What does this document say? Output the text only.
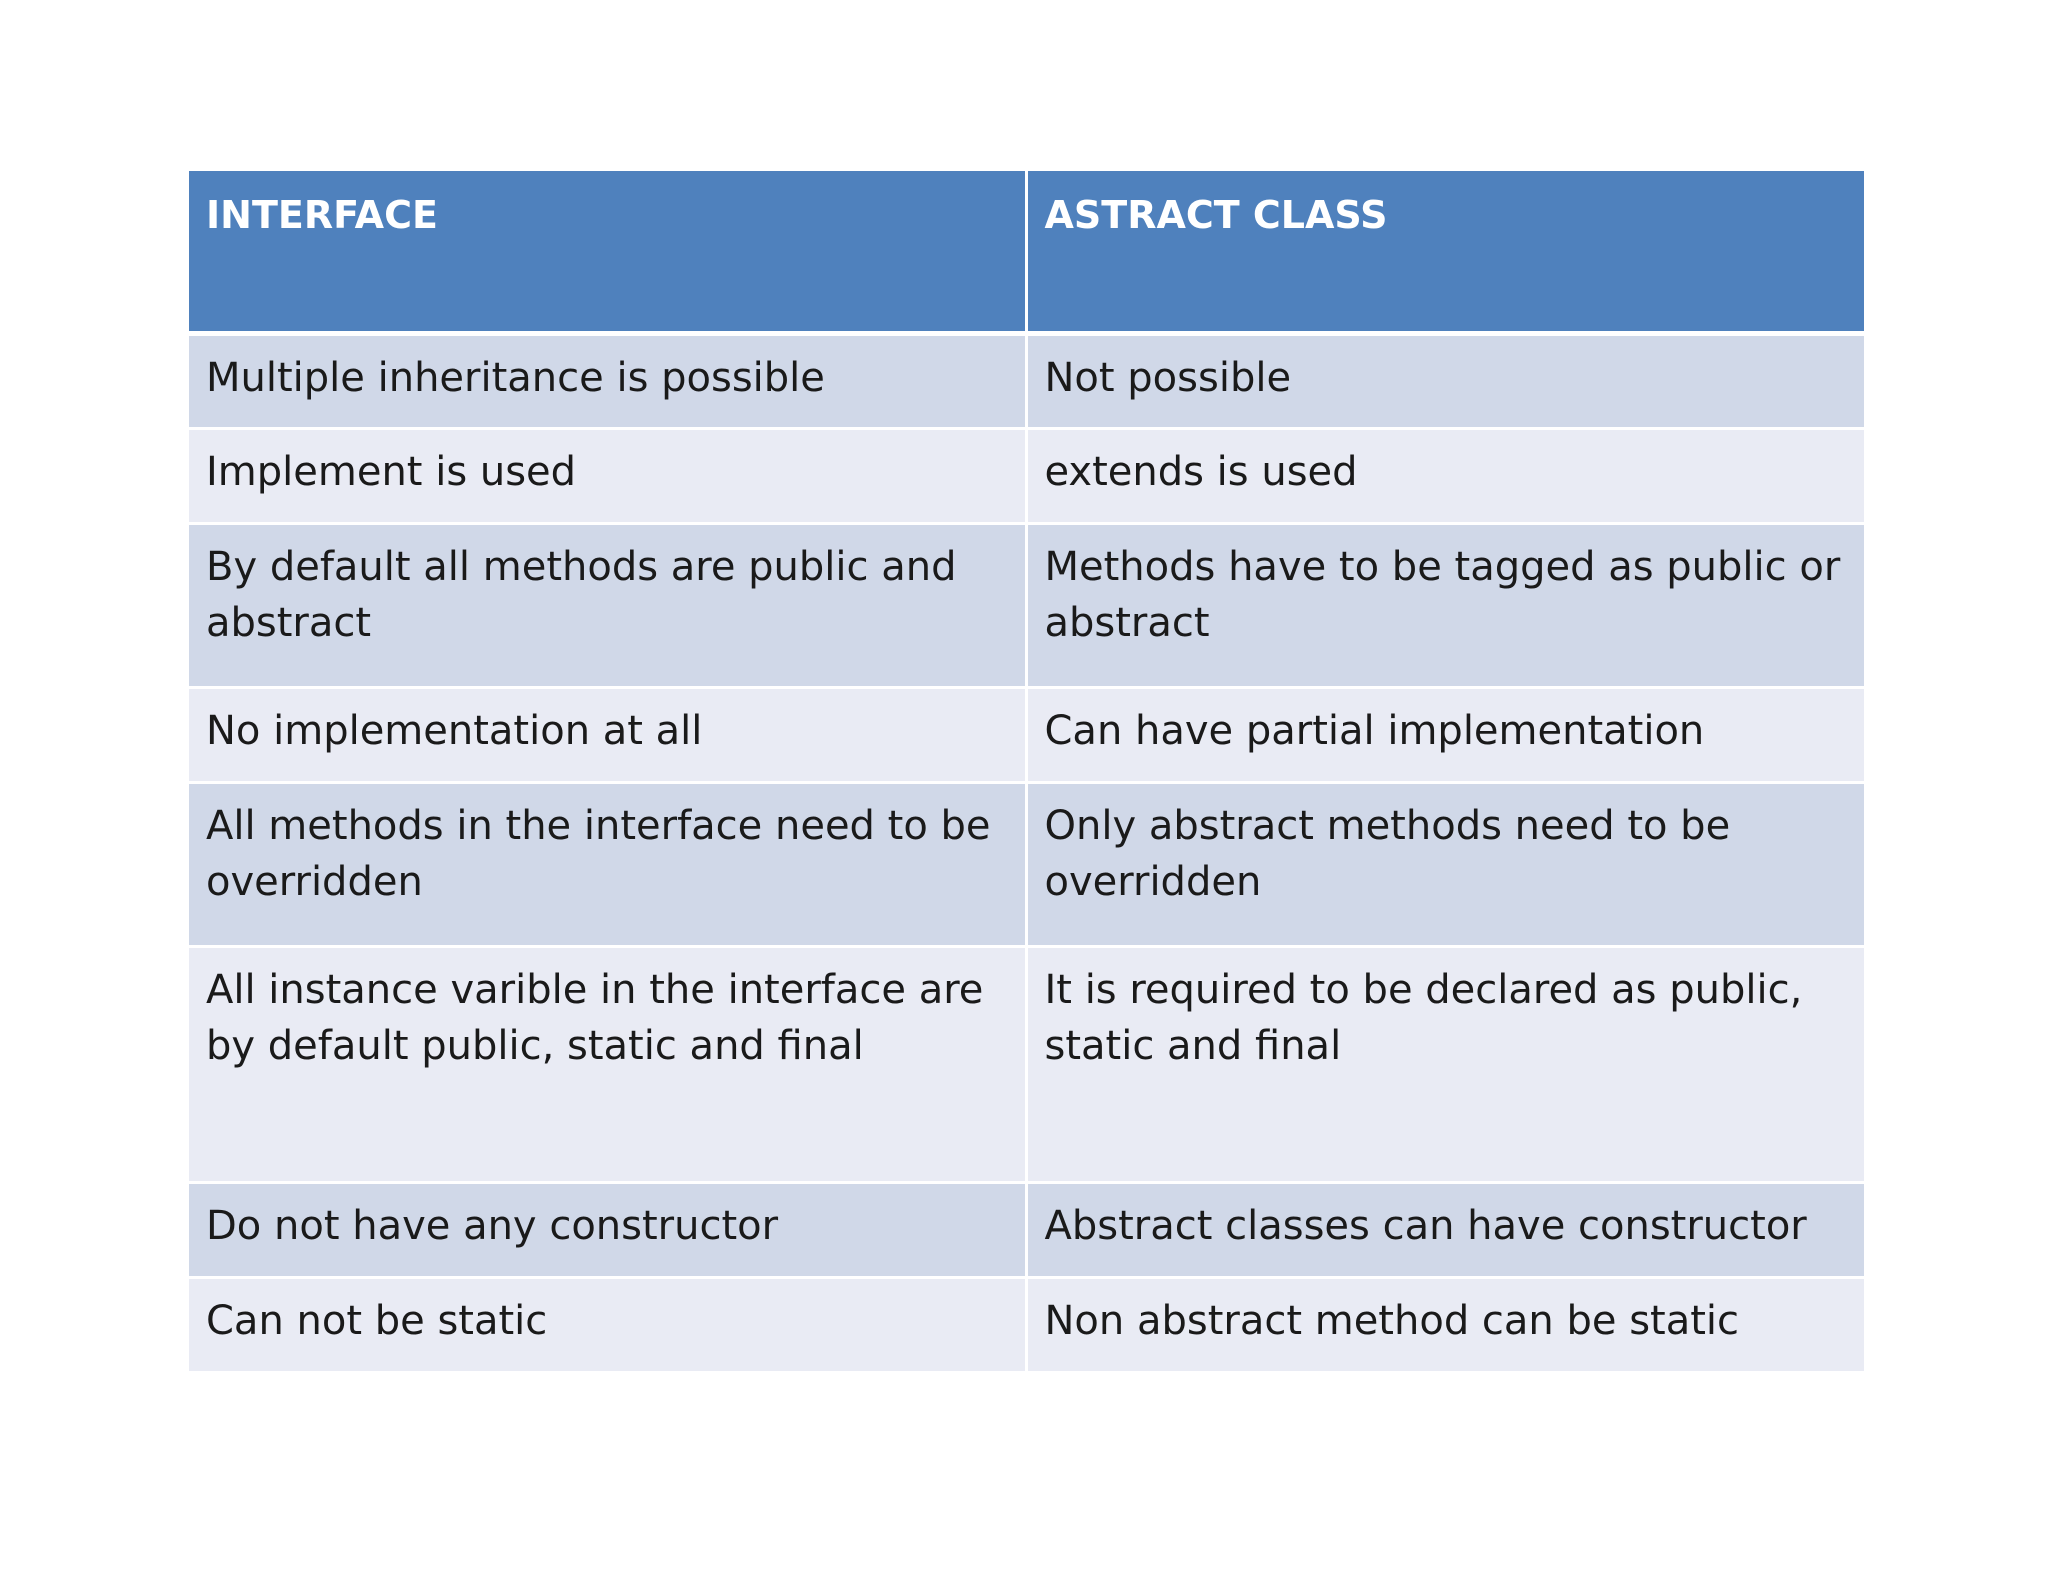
INTERFACE	ASTRACT CLASS
Multiple inheritance is possible	Not possible
Implement is used	extends is used
By default all methods are public and abstract	Methods have to be tagged as public or abstract
No implementation at all	Can have partial implementation
All methods in the interface need to be overridden	Only abstract methods need to be overridden
All instance varible in the interface are by default public, static and final	It is required to be declared as public, static and final
Do not have any constructor	Abstract classes can have constructor
Can not be static	Non abstract method can be static
